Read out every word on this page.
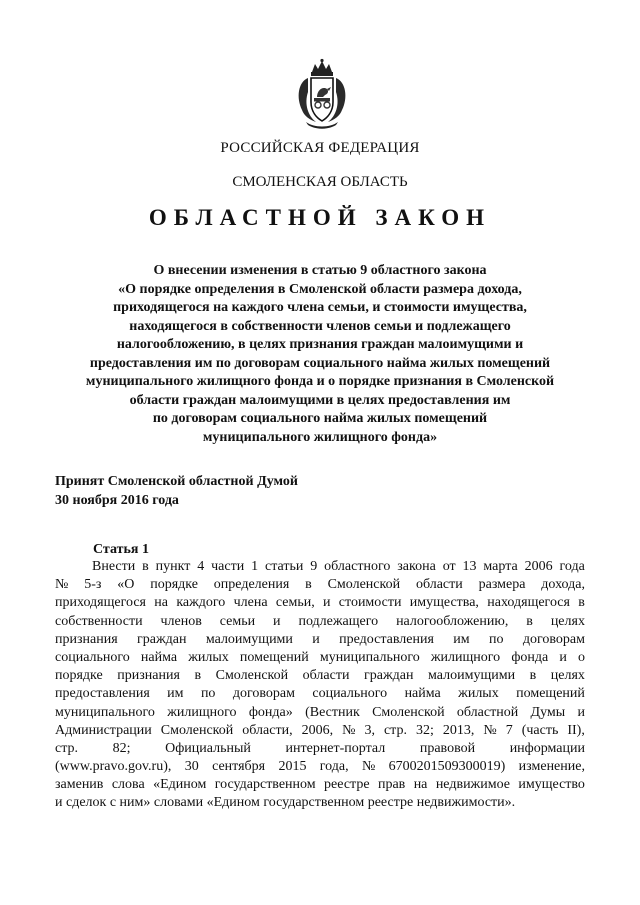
РОССИЙСКАЯ ФЕДЕРАЦИЯ
СМОЛЕНСКАЯ ОБЛАСТЬ
ОБЛАСТНОЙ ЗАКОН
О внесении изменения в статью 9 областного закона
«О порядке определения в Смоленской области размера дохода,
приходящегося на каждого члена семьи, и стоимости имущества,
находящегося в собственности членов семьи и подлежащего
налогообложению, в целях признания граждан малоимущими и
предоставления им по договорам социального найма жилых помещений
муниципального жилищного фонда и о порядке признания в Смоленской
области граждан малоимущими в целях предоставления им
по договорам социального найма жилых помещений
муниципального жилищного фонда»
Принят Смоленской областной Думой
30 ноября 2016 года
Статья 1
Внести в пункт 4 части 1 статьи 9 областного закона от 13 марта 2006 года
№ 5-з «О порядке определения в Смоленской области размера дохода,
приходящегося на каждого члена семьи, и стоимости имущества, находящегося в
собственности членов семьи и подлежащего налогообложению, в целях
признания граждан малоимущими и предоставления им по договорам
социального найма жилых помещений муниципального жилищного фонда и о
порядке признания в Смоленской области граждан малоимущими в целях
предоставления им по договорам социального найма жилых помещений
муниципального жилищного фонда» (Вестник Смоленской областной Думы и
Администрации Смоленской области, 2006, № 3, стр. 32; 2013, № 7 (часть II),
стр. 82; Официальный интернет-портал правовой информации
(www.pravo.gov.ru), 30 сентября 2015 года, № 6700201509300019) изменение,
заменив слова «Едином государственном реестре прав на недвижимое имущество
и сделок с ним» словами «Едином государственном реестре недвижимости».
